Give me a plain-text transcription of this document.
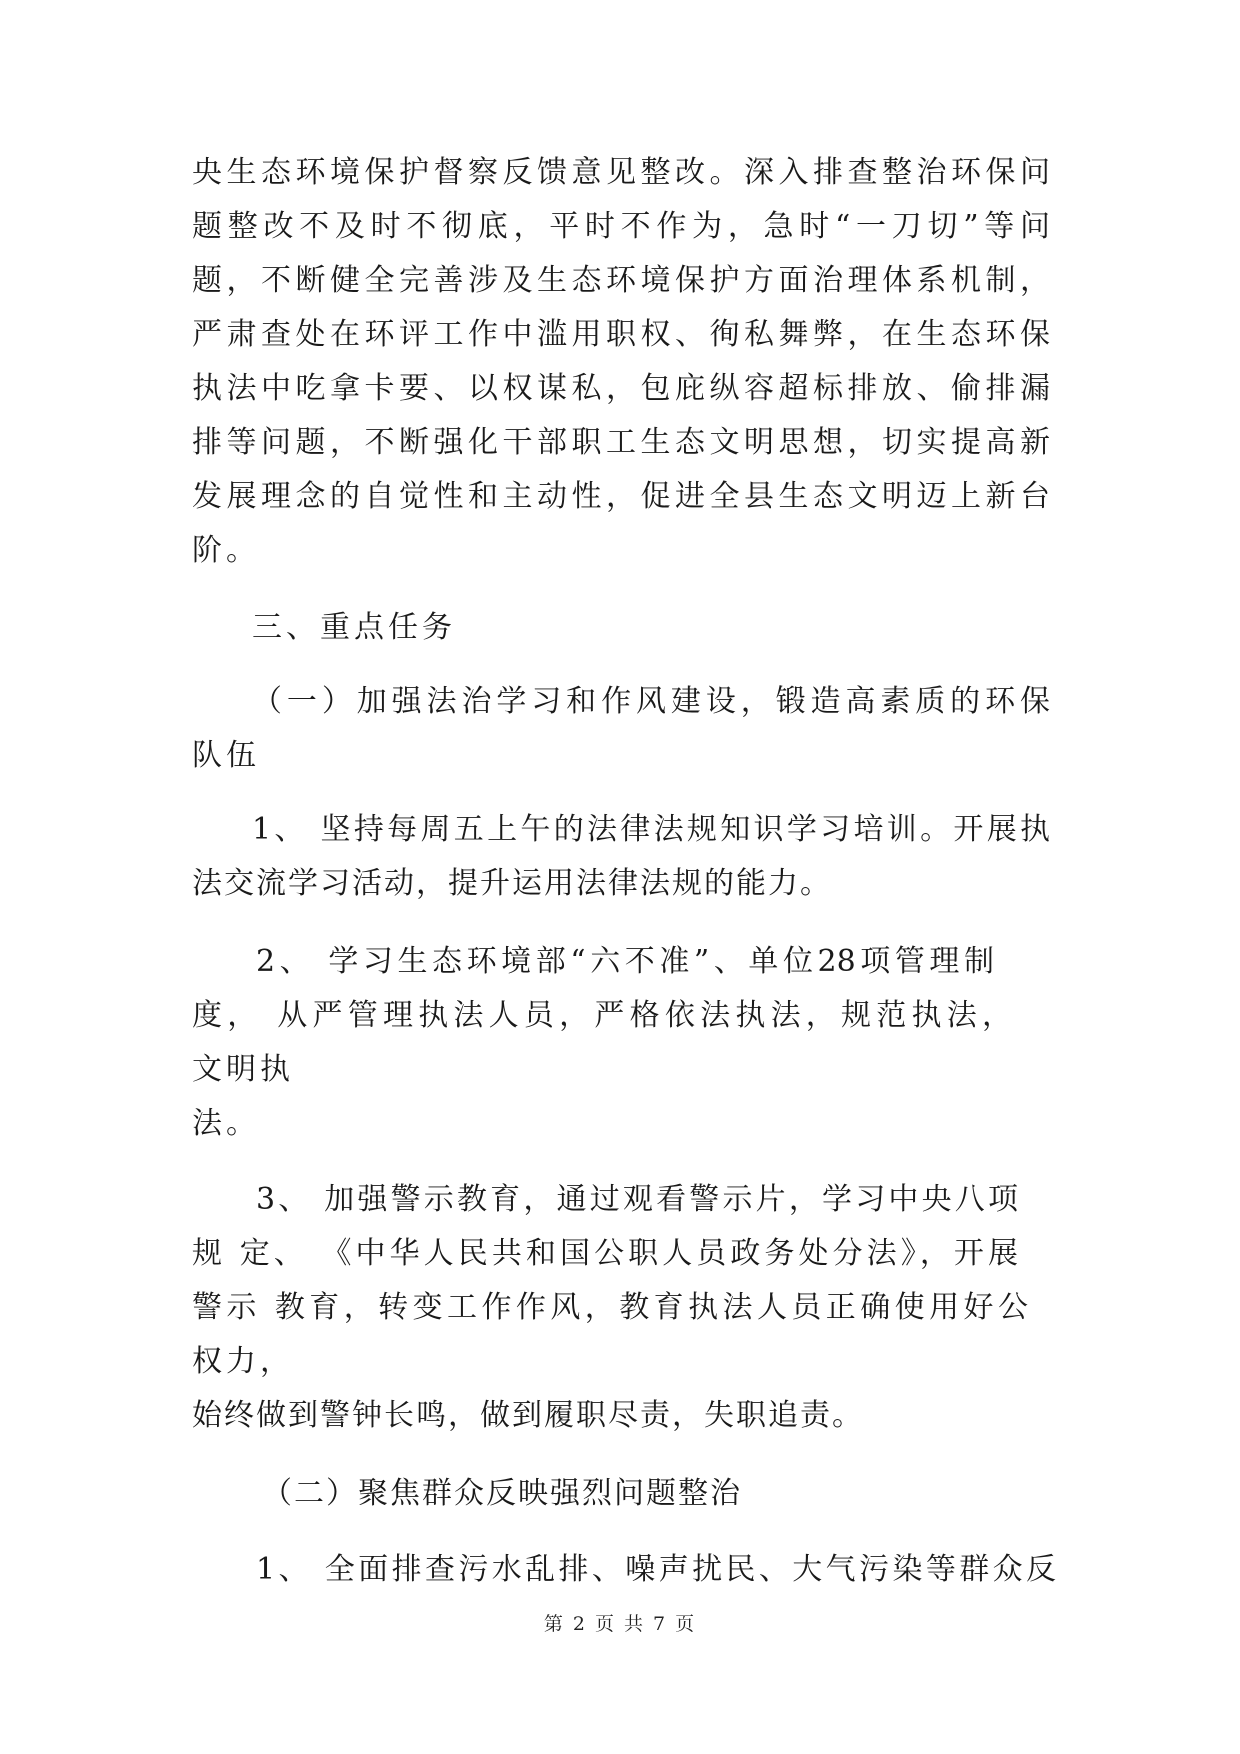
央生态环境保护督察反馈意见整改。深入排查整治环保问
题整改不及时不彻底，平时不作为，急时“一刀切”等问
题，不断健全完善涉及生态环境保护方面治理体系机制，
严肃查处在环评工作中滥用职权、徇私舞弊，在生态环保
执法中吃拿卡要、以权谋私，包庇纵容超标排放、偷排漏
排等问题，不断强化干部职工生态文明思想，切实提高新
发展理念的自觉性和主动性，促进全县生态文明迈上新台
阶。
三、重点任务
（一）加强法治学习和作风建设，锻造高素质的环保
队伍
1、 坚持每周五上午的法律法规知识学习培训。开展执
法交流学习活动，提升运用法律法规的能力。
2、 学习生态环境部“六不准”、单位28项管理制
度， 从严管理执法人员，严格依法执法，规范执法，
文明执
法。
3、 加强警示教育，通过观看警示片，学习中央八项
规 定、 《中华人民共和国公职人员政务处分法》，开展
警示 教育，转变工作作风，教育执法人员正确使用好公
权力，
始终做到警钟长鸣，做到履职尽责，失职追责。
（二）聚焦群众反映强烈问题整治
1、 全面排查污水乱排、噪声扰民、大气污染等群众反
第 2 页 共 7 页
